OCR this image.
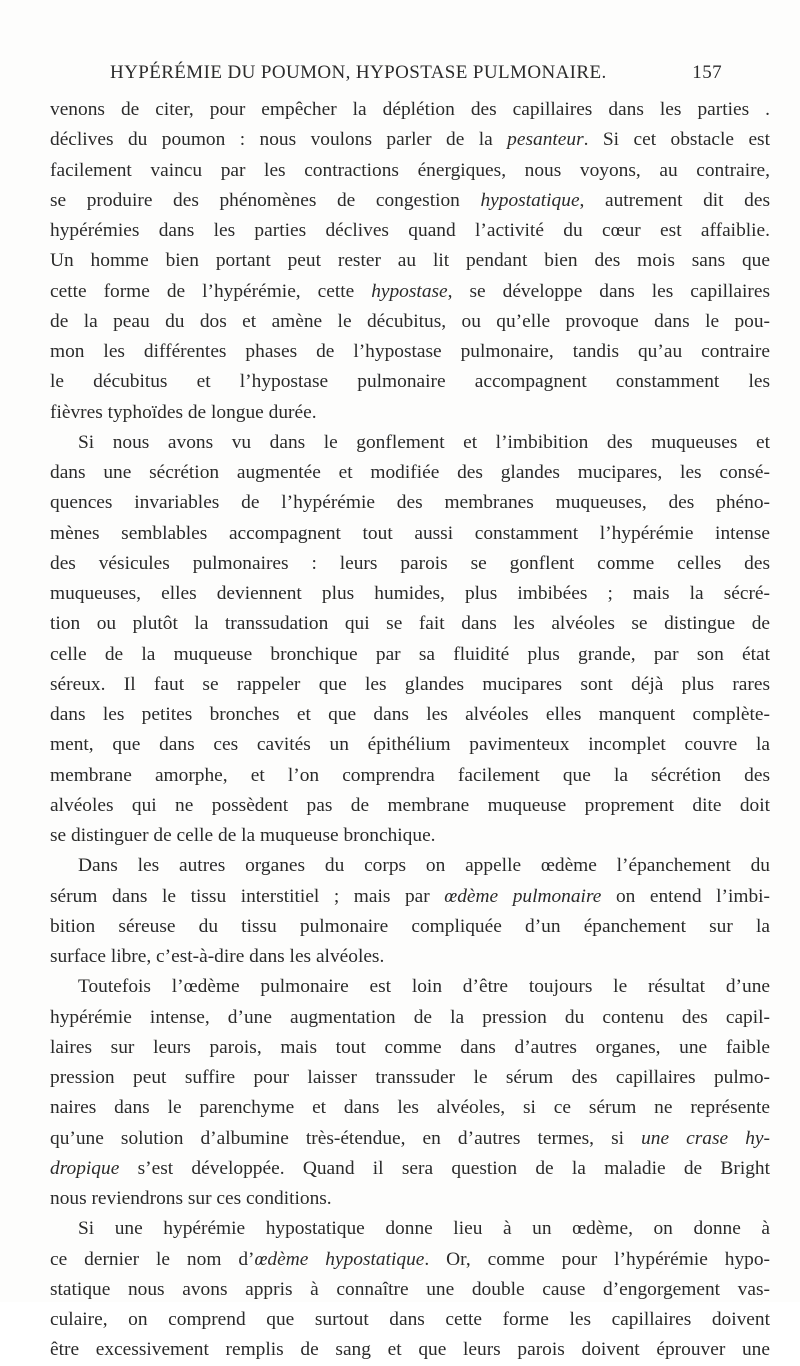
HYPÉRÉMIE DU POUMON, HYPOSTASE PULMONAIRE.	157
venons de citer, pour empêcher la déplétion des capillaires dans les parties .
déclives du poumon : nous voulons parler de la pesanteur. Si cet obstacle est
facilement vaincu par les contractions énergiques, nous voyons, au contraire,
se produire des phénomènes de congestion hypostatique, autrement dit des
hypérémies dans les parties déclives quand l’activité du cœur est affaiblie.
Un homme bien portant peut rester au lit pendant bien des mois sans que
cette forme de l’hypérémie, cette hypostase, se développe dans les capillaires
de la peau du dos et amène le décubitus, ou qu’elle provoque dans le pou-
mon les différentes phases de l’hypostase pulmonaire, tandis qu’au contraire
le décubitus et l’hypostase pulmonaire accompagnent constamment les
fièvres typhoïdes de longue durée.
Si nous avons vu dans le gonflement et l’imbibition des muqueuses et
dans une sécrétion augmentée et modifiée des glandes mucipares, les consé-
quences invariables de l’hypérémie des membranes muqueuses, des phéno-
mènes semblables accompagnent tout aussi constamment l’hypérémie intense
des vésicules pulmonaires : leurs parois se gonflent comme celles des
muqueuses, elles deviennent plus humides, plus imbibées ; mais la sécré-
tion ou plutôt la transsudation qui se fait dans les alvéoles se distingue de
celle de la muqueuse bronchique par sa fluidité plus grande, par son état
séreux. Il faut se rappeler que les glandes mucipares sont déjà plus rares
dans les petites bronches et que dans les alvéoles elles manquent complète-
ment, que dans ces cavités un épithélium pavimenteux incomplet couvre la
membrane amorphe, et l’on comprendra facilement que la sécrétion des
alvéoles qui ne possèdent pas de membrane muqueuse proprement dite doit
se distinguer de celle de la muqueuse bronchique.
Dans les autres organes du corps on appelle œdème l’épanchement du
sérum dans le tissu interstitiel ; mais par œdème pulmonaire on entend l’imbi-
bition séreuse du tissu pulmonaire compliquée d’un épanchement sur la
surface libre, c’est-à-dire dans les alvéoles.
Toutefois l’œdème pulmonaire est loin d’être toujours le résultat d’une
hypérémie intense, d’une augmentation de la pression du contenu des capil-
laires sur leurs parois, mais tout comme dans d’autres organes, une faible
pression peut suffire pour laisser transsuder le sérum des capillaires pulmo-
naires dans le parenchyme et dans les alvéoles, si ce sérum ne représente
qu’une solution d’albumine très-étendue, en d’autres termes, si une crase hy-
dropique s’est développée. Quand il sera question de la maladie de Bright
nous reviendrons sur ces conditions.
Si une hypérémie hypostatique donne lieu à un œdème, on donne à
ce dernier le nom d’œdème hypostatique. Or, comme pour l’hypérémie hypo-
statique nous avons appris à connaître une double cause d’engorgement vas-
culaire, on comprend que surtout dans cette forme les capillaires doivent
être excessivement remplis de sang et que leurs parois doivent éprouver une
